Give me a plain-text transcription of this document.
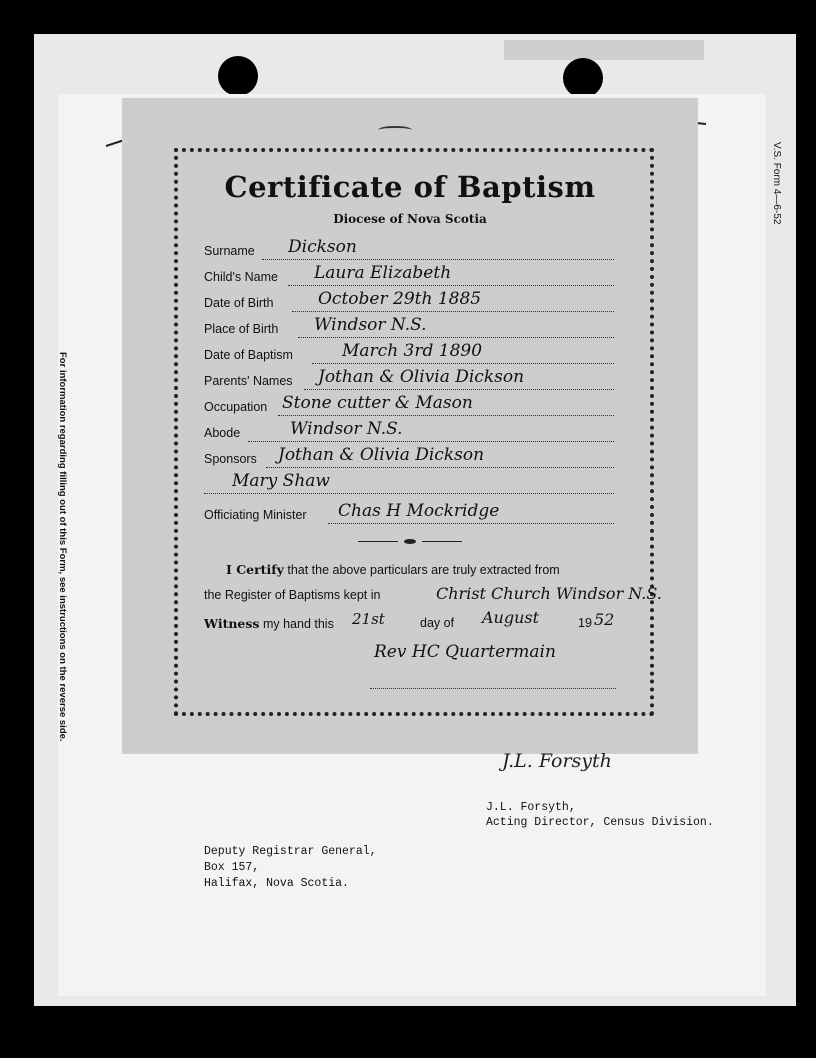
For information regarding filling out of this Form, see instructions on the reverse side.
V.S. Form 4—6-52
Certificate of Baptism
Diocese of Nova Scotia
Surname Dickson
Child's Name Laura Elizabeth
Date of Birth	October 29th 1885
Place of Birth Windsor N.S.
Date of Baptism	March 3rd 1890
Parents' Names Jothan & Olivia Dickson
Occupation Stone cutter & Mason
Abode	Windsor N.S.
Sponsors Jothan & Olivia Dickson
Mary Shaw
Officiating Minister Chas H Mockridge
I Certify that the above particulars are truly extracted from
the Register of Baptisms kept in	Christ Church Windsor N.S.
Witness my hand this 21st	day of August	19 52
Rev HC Quartermain
J.L. Forsyth
J.L. Forsyth,
Acting Director, Census Division.
Deputy Registrar General,
Box 157,
Halifax, Nova Scotia.
